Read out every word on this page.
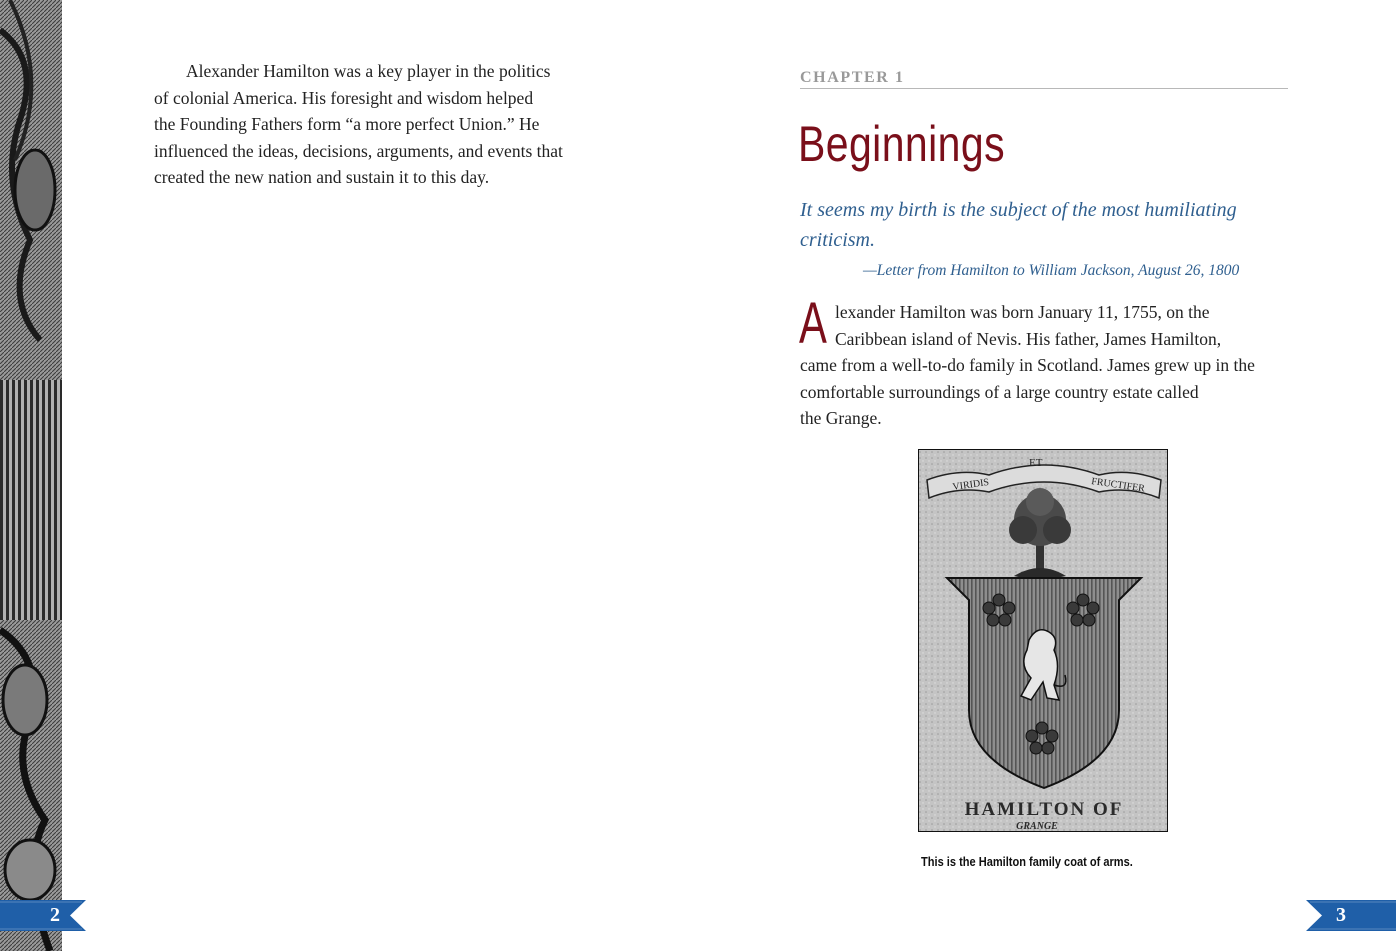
Alexander Hamilton was a key player in the politics
of colonial America. His foresight and wisdom helped
the Founding Fathers form “a more perfect Union.” He
influenced the ideas, decisions, arguments, and events that
created the new nation and sustain it to this day.
2
CHAPTER 1
Beginnings
It seems my birth is the subject of the most humiliating
criticism.
—Letter from Hamilton to William Jackson, August 26, 1800
A lexander Hamilton was born January 11, 1755, on the
Caribbean island of Nevis. His father, James Hamilton,
came from a well-to-do family in Scotland. James grew up in the
comfortable surroundings of a large country estate called
the Grange.
VIRIDIS
ET
FRUCTIFER
HAMILTON OF
GRANGE
This is the Hamilton family coat of arms.
3
